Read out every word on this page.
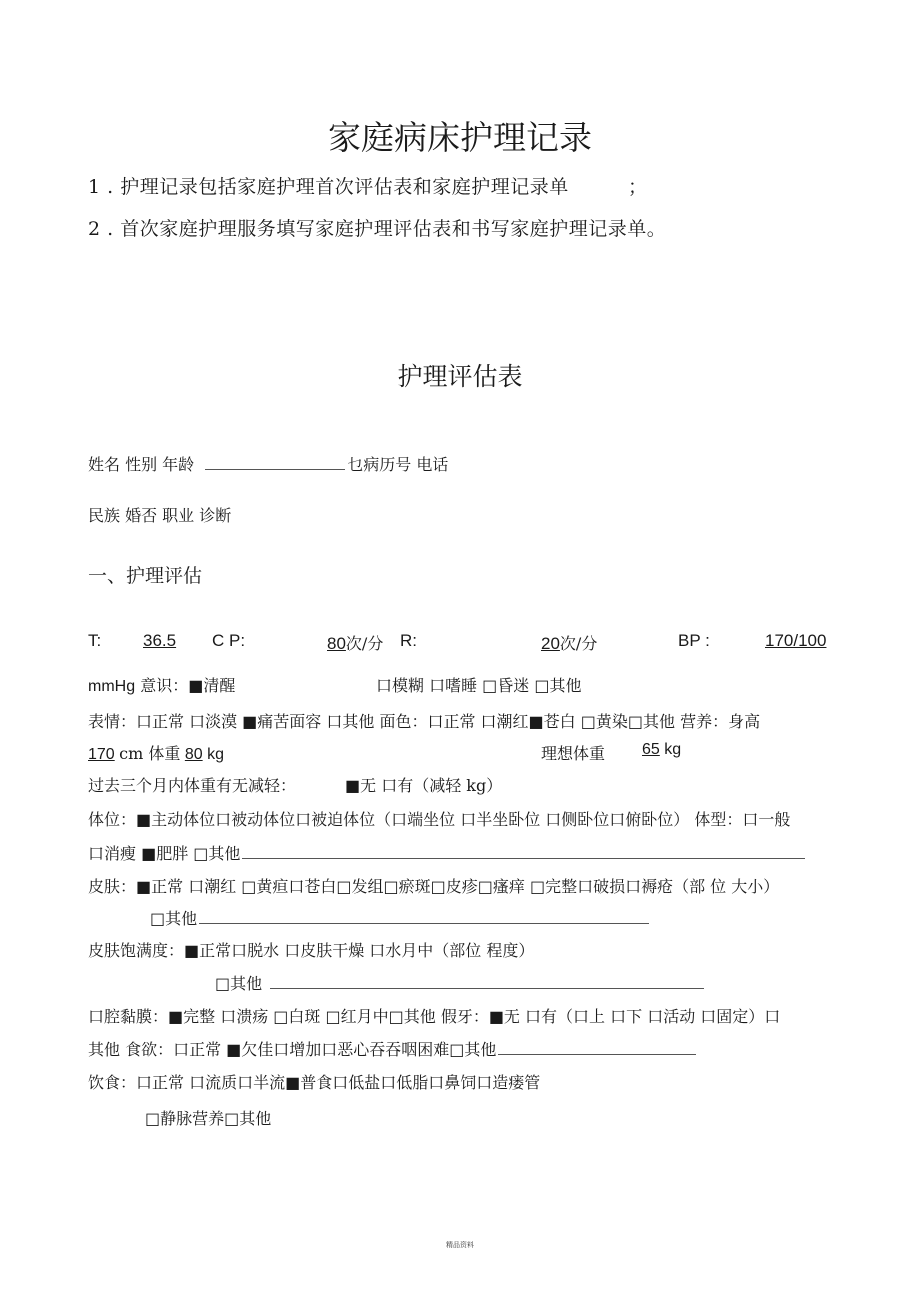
家庭病床护理记录
1 . 护理记录包括家庭护理首次评估表和家庭护理记录单	；
2 . 首次家庭护理服务填写家庭护理评估表和书写家庭护理记录单。
护理评估表
姓名 性别 年龄	乜病历号 电话
民族 婚否 职业 诊断
一、护理评估
T: 36.5 C P:	80次/分 R:	20次/分	BP :	170/100
mmHg 意识：■清醒	口模糊 口嗜睡 □昏迷 □其他
表情：口正常 口淡漠 ■痛苦面容 口其他 面色：口正常 口潮红■苍白 □黄染□其他 营养：身高
170 cm 体重 80 kg	理想体重 65 kg
过去三个月内体重有无减轻：	■无 口有（减轻 kg）
体位：■主动体位口被动体位口被迫体位（口端坐位 口半坐卧位 口侧卧位口俯卧位） 体型：口一般
口消瘦 ■肥胖 □其他
皮肤：■正常 口潮红 □黄疸口苍白□发组□瘀斑□皮疹□瘙痒 □完整口破损口褥疮（部 位 大小）
□其他
皮肤饱满度：■正常口脱水 口皮肤干燥 口水月中（部位 程度）
□其他
口腔黏膜：■完整 口溃疡 □白斑 □红月中□其他 假牙：■无 口有（口上 口下 口活动 口固定）口
其他 食欲：口正常 ■欠佳口增加口恶心吞吞咽困难□其他
饮食：口正常 口流质口半流■普食口低盐口低脂口鼻饲口造瘘管
□静脉营养□其他
精品资料
